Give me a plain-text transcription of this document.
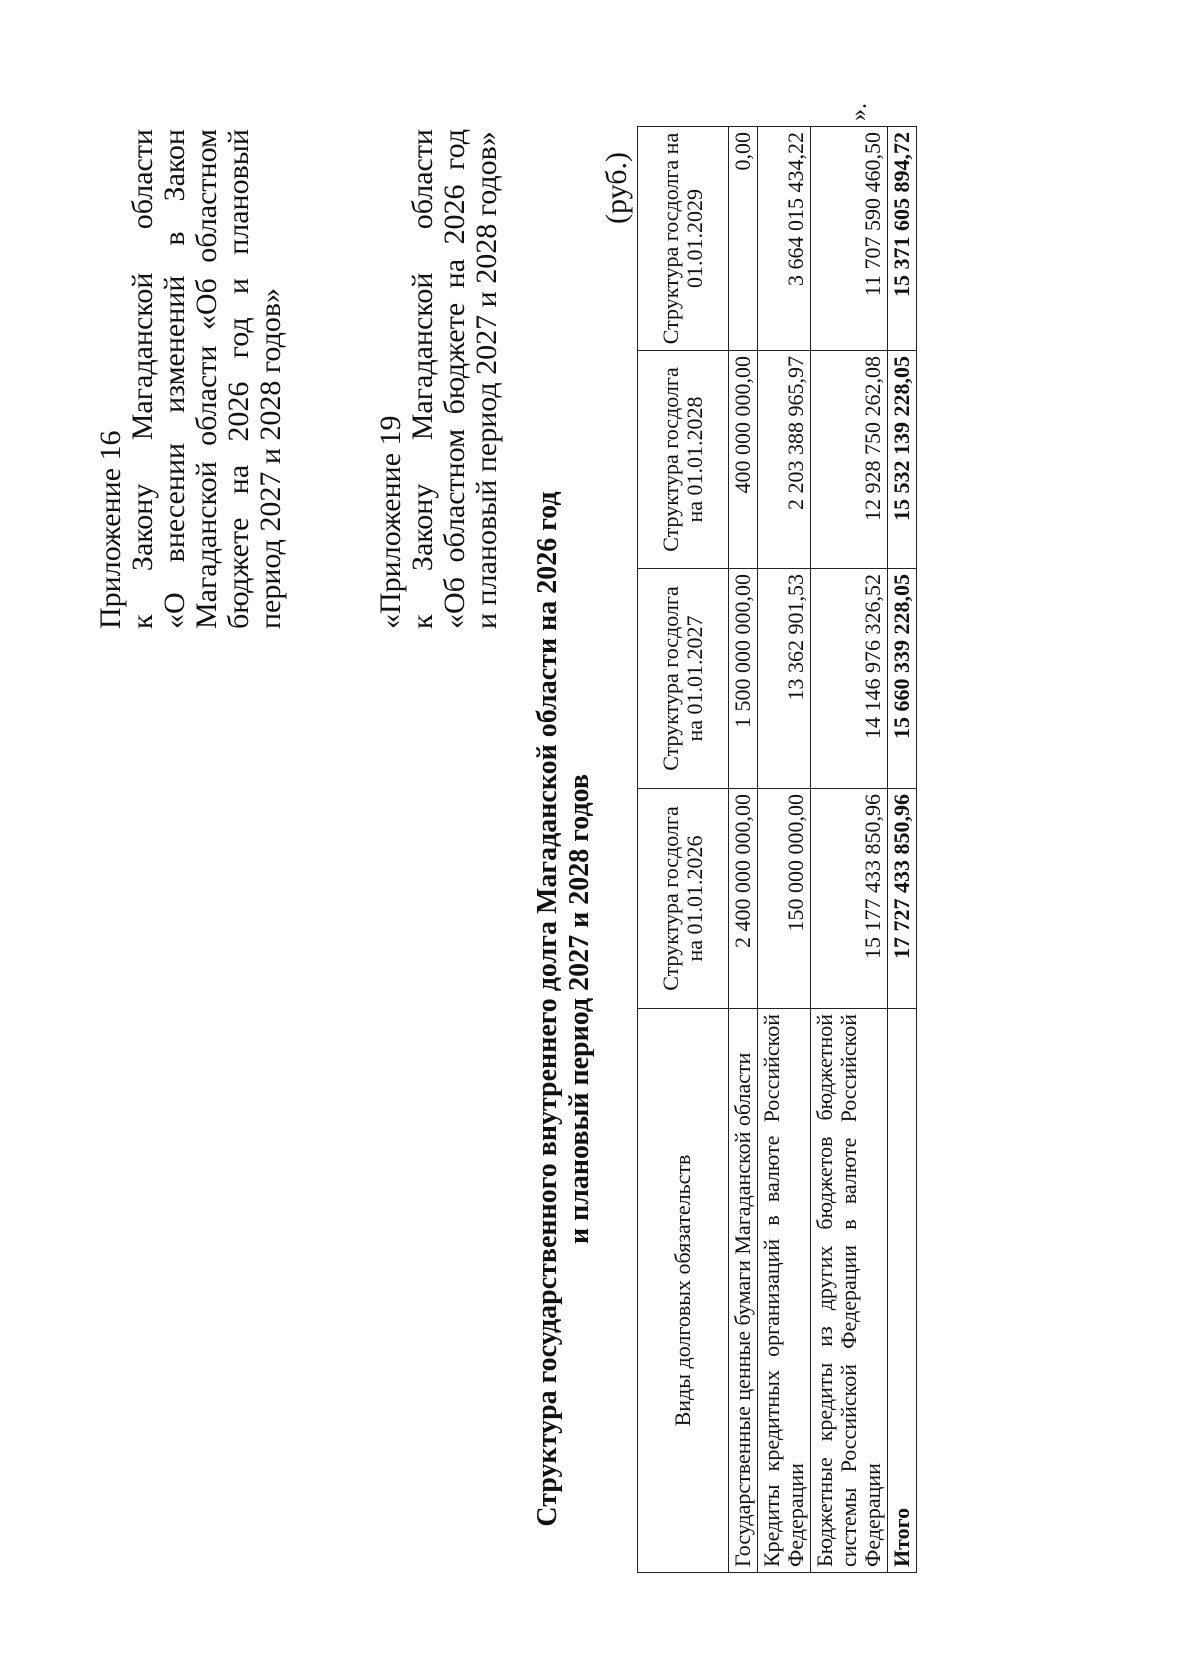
Приложение 16 к Закону Магаданской области «О внесении изменений в Закон Магаданской области «Об областном бюджете на 2026 год и плановый период 2027 и 2028 годов»	«Приложение 19 к Закону Магаданской области «Об областном бюджете на 2026 год и плановый период 2027 и 2028 годов»
Структура государственного внутреннего долга Магаданской области на 2026 год и плановый период 2027 и 2028 годов
(руб.)
Виды долговых обязательств	Структура госдолга на 01.01.2026	Структура госдолга на 01.01.2027	Структура госдолга на 01.01.2028	Структура госдолга на 01.01.2029
Государственные ценные бумаги Магаданской области	2 400 000 000,00	1 500 000 000,00	400 000 000,00	0,00
Кредиты кредитных организаций в валюте Российской Федерации	150 000 000,00	13 362 901,53	2 203 388 965,97	3 664 015 434,22
Бюджетные кредиты из других бюджетов бюджетной системы Российской Федерации в валюте Российской Федерации	15 177 433 850,96	14 146 976 326,52	12 928 750 262,08	11 707 590 460,50
Итого	17 727 433 850,96	15 660 339 228,05	15 532 139 228,05	15 371 605 894,72
».
